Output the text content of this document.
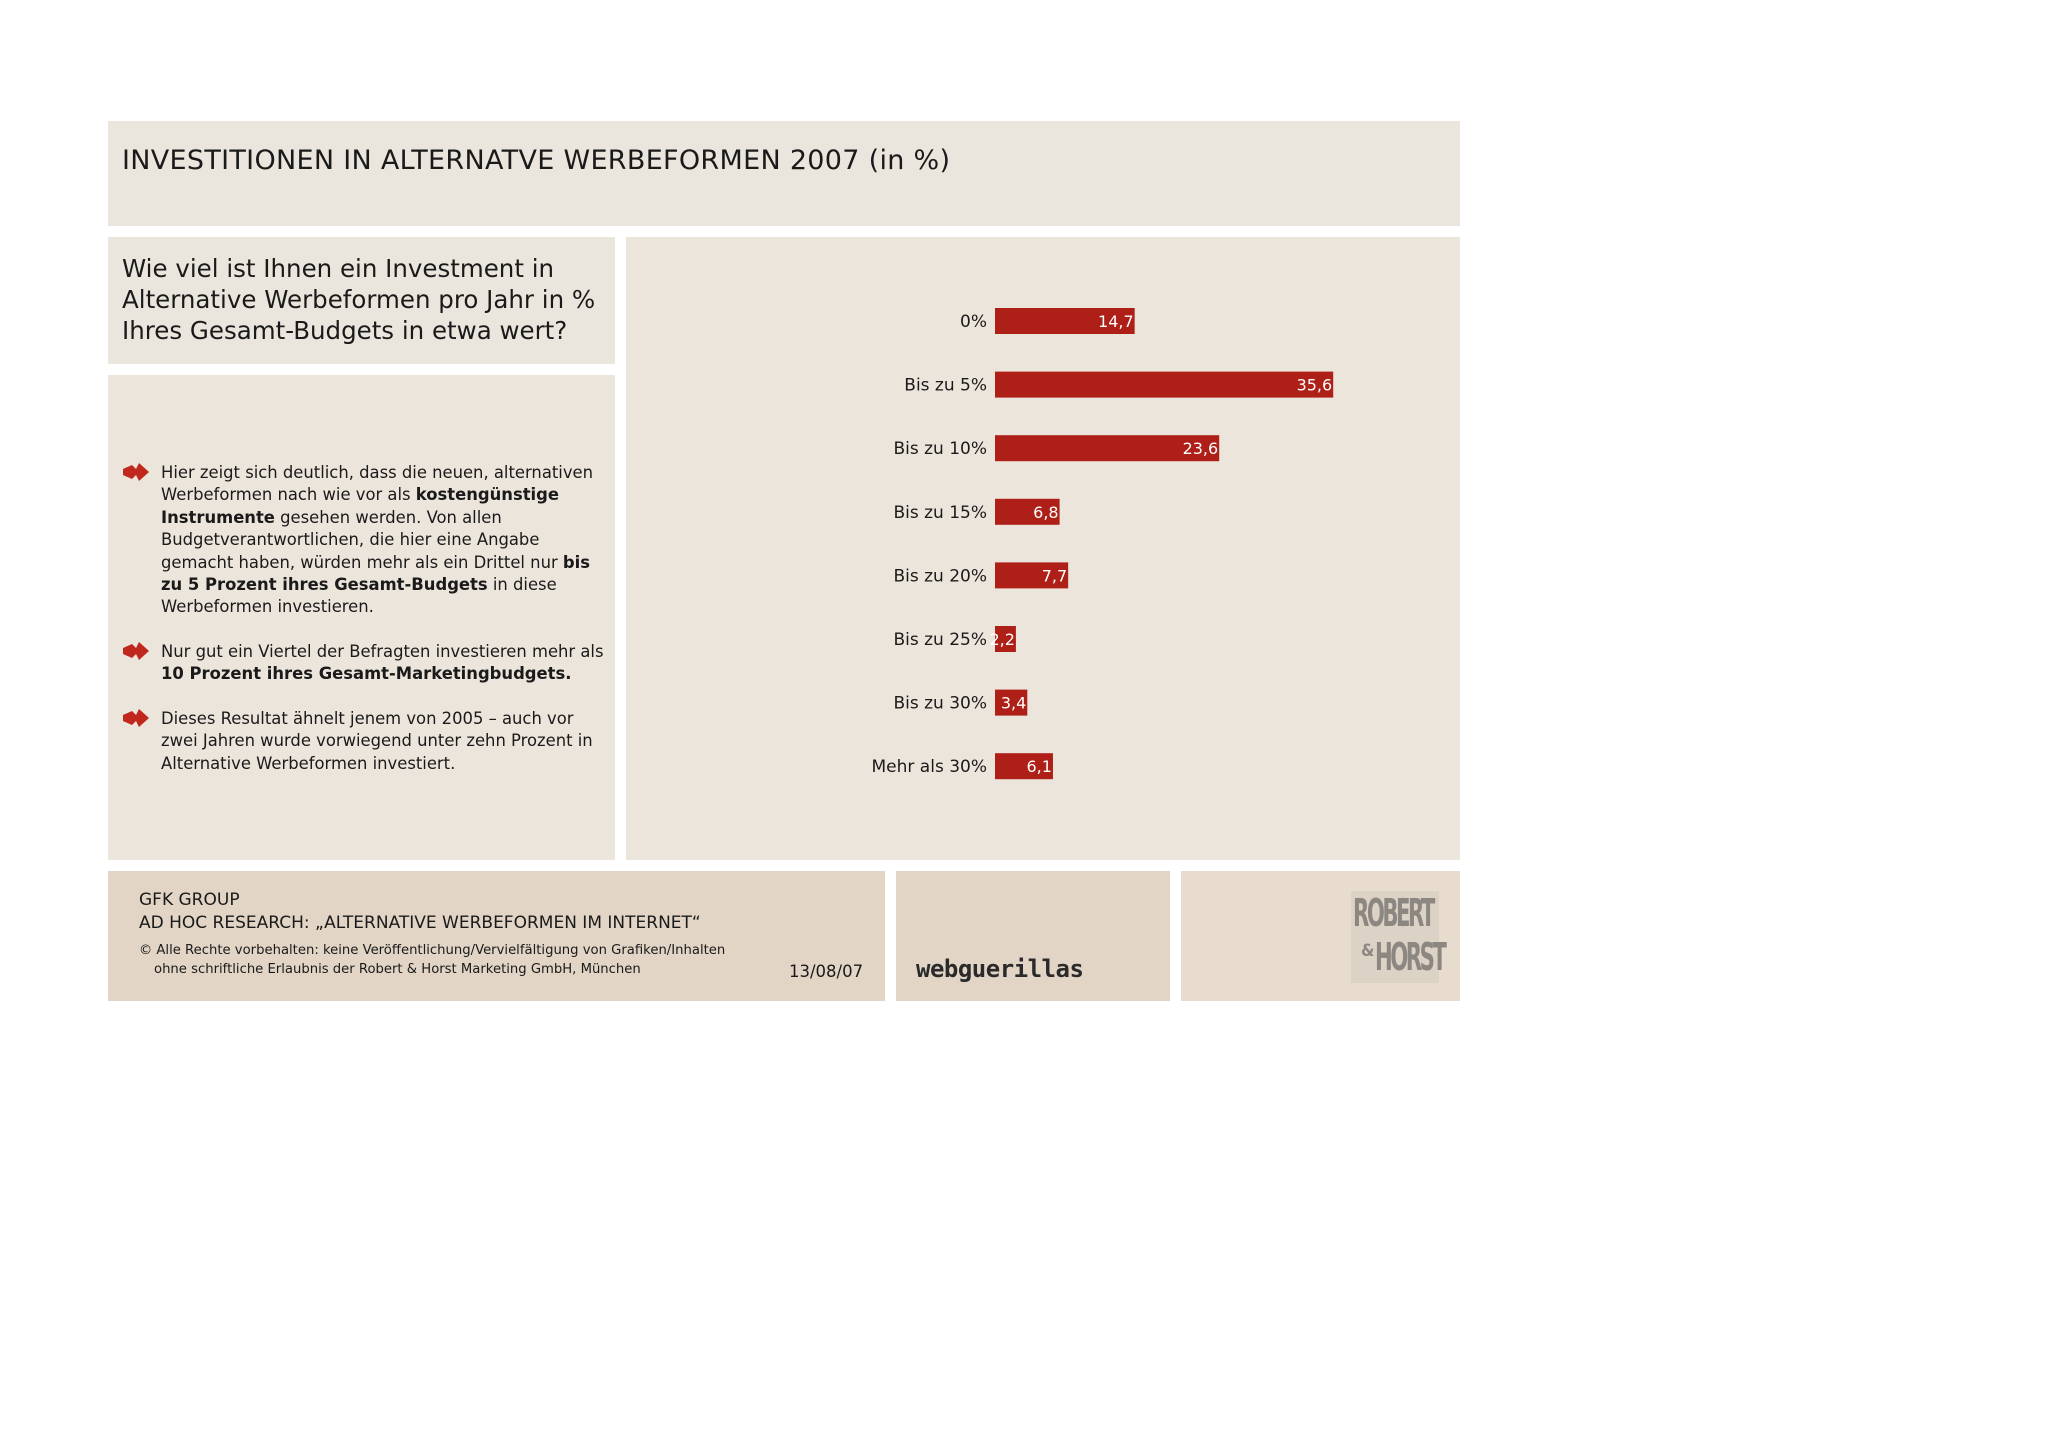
INVESTITIONEN IN ALTERNATVE WERBEFORMEN 2007 (in %)
Wie viel ist Ihnen ein Investment in Alternative Werbeformen pro Jahr in % Ihres Gesamt-Budgets in etwa wert?
Hier zeigt sich deutlich, dass die neuen, alternativen Werbeformen nach wie vor als kostengünstige Instrumente gesehen werden. Von allen Budgetverantwortlichen, die hier eine Angabe gemacht haben, würden mehr als ein Drittel nur bis zu 5 Prozent ihres Gesamt-Budgets in diese Werbeformen investieren.
Nur gut ein Viertel der Befragten investieren mehr als 10 Prozent ihres Gesamt-Marketingbudgets.
Dieses Resultat ähnelt jenem von 2005 – auch vor zwei Jahren wurde vorwiegend unter zehn Prozent in Alternative Werbeformen investiert.
0%	14,7
Bis zu 5%	35,6
Bis zu 10%	23,6
Bis zu 15%	6,8
Bis zu 20%	7,7
Bis zu 25% 2,2
Bis zu 30% 3,4
Mehr als 30% 6,1
GFK GROUP
AD HOC RESEARCH: „ALTERNATIVE WERBEFORMEN IM INTERNET“
© Alle Rechte vorbehalten: keine Veröffentlichung/Vervielfältigung von Grafiken/Inhalten
ohne schriftliche Erlaubnis der Robert & Horst Marketing GmbH, München	13/08/07 webguerillas
ROBERT
& HORST
